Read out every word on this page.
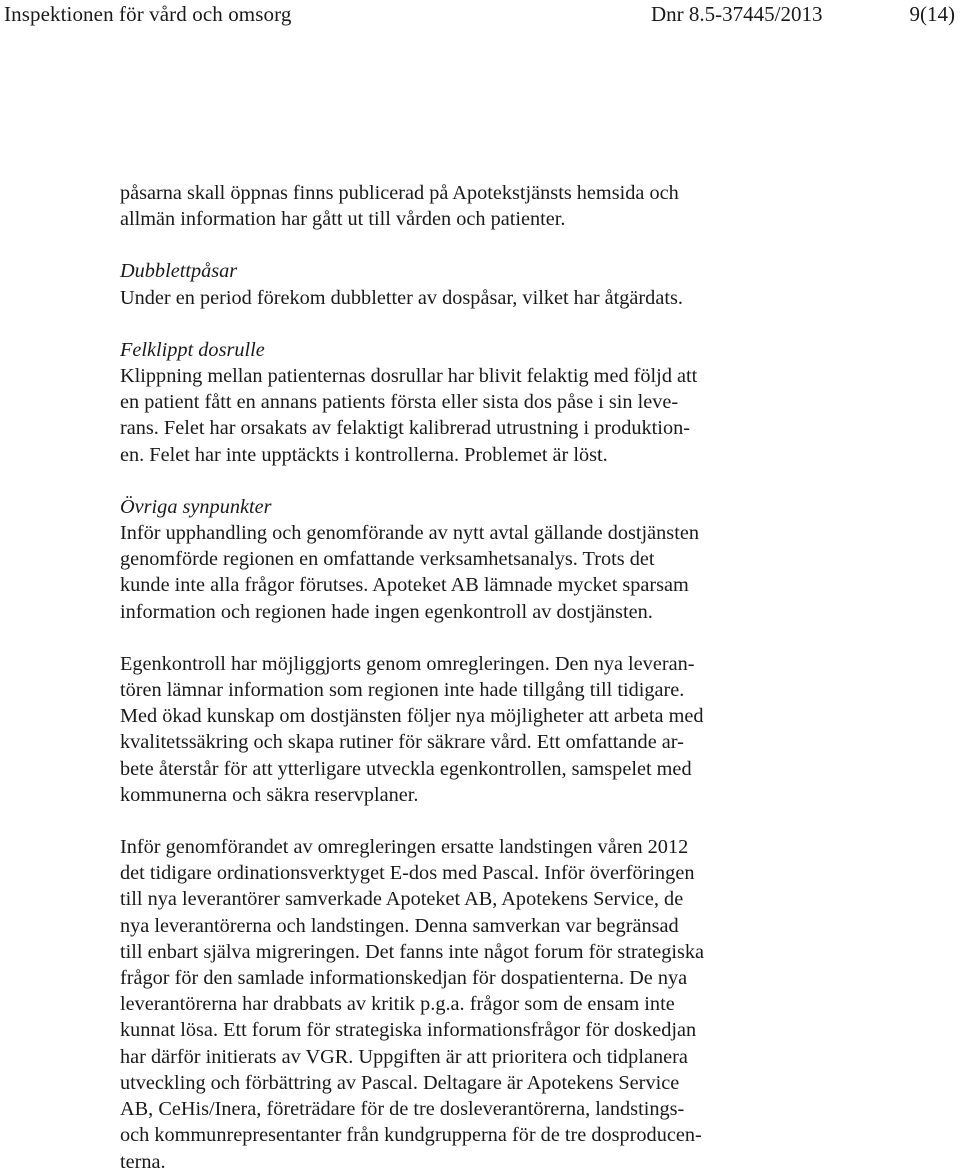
Inspektionen för vård och omsorg	Dnr 8.5-37445/2013	9(14)
påsarna skall öppnas finns publicerad på Apotekstjänsts hemsida och
allmän information har gått ut till vården och patienter.
Dubblettpåsar
Under en period förekom dubbletter av dospåsar, vilket har åtgärdats.
Felklippt dosrulle
Klippning mellan patienternas dosrullar har blivit felaktig med följd att
en patient fått en annans patients första eller sista dos påse i sin leve-
rans. Felet har orsakats av felaktigt kalibrerad utrustning i produktion-
en. Felet har inte upptäckts i kontrollerna. Problemet är löst.
Övriga synpunkter
Inför upphandling och genomförande av nytt avtal gällande dostjänsten
genomförde regionen en omfattande verksamhetsanalys. Trots det
kunde inte alla frågor förutses. Apoteket AB lämnade mycket sparsam
information och regionen hade ingen egenkontroll av dostjänsten.
Egenkontroll har möjliggjorts genom omregleringen. Den nya leveran-
tören lämnar information som regionen inte hade tillgång till tidigare.
Med ökad kunskap om dostjänsten följer nya möjligheter att arbeta med
kvalitetssäkring och skapa rutiner för säkrare vård. Ett omfattande ar-
bete återstår för att ytterligare utveckla egenkontrollen, samspelet med
kommunerna och säkra reservplaner.
Inför genomförandet av omregleringen ersatte landstingen våren 2012
det tidigare ordinationsverktyget E-dos med Pascal. Inför överföringen
till nya leverantörer samverkade Apoteket AB, Apotekens Service, de
nya leverantörerna och landstingen. Denna samverkan var begränsad
till enbart själva migreringen. Det fanns inte något forum för strategiska
frågor för den samlade informationskedjan för dospatienterna. De nya
leverantörerna har drabbats av kritik p.g.a. frågor som de ensam inte
kunnat lösa. Ett forum för strategiska informationsfrågor för doskedjan
har därför initierats av VGR. Uppgiften är att prioritera och tidplanera
utveckling och förbättring av Pascal. Deltagare är Apotekens Service
AB, CeHis/Inera, företrädare för de tre dosleverantörerna, landstings-
och kommunrepresentanter från kundgrupperna för de tre dosproducen-
terna.
